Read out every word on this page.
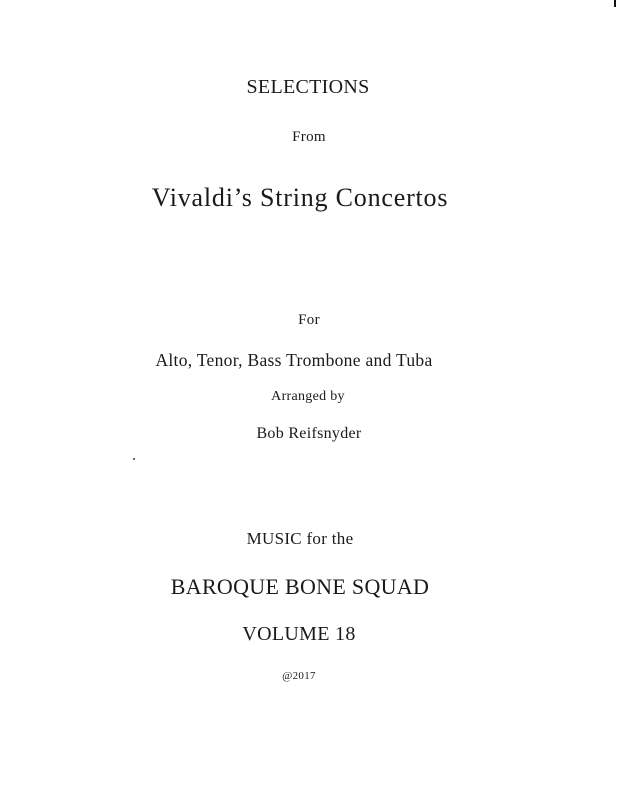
SELECTIONS
From
Vivaldi’s String Concertos
For
Alto, Tenor, Bass Trombone and Tuba
Arranged by
Bob Reifsnyder
MUSIC for the
BAROQUE BONE SQUAD
VOLUME 18
@2017
